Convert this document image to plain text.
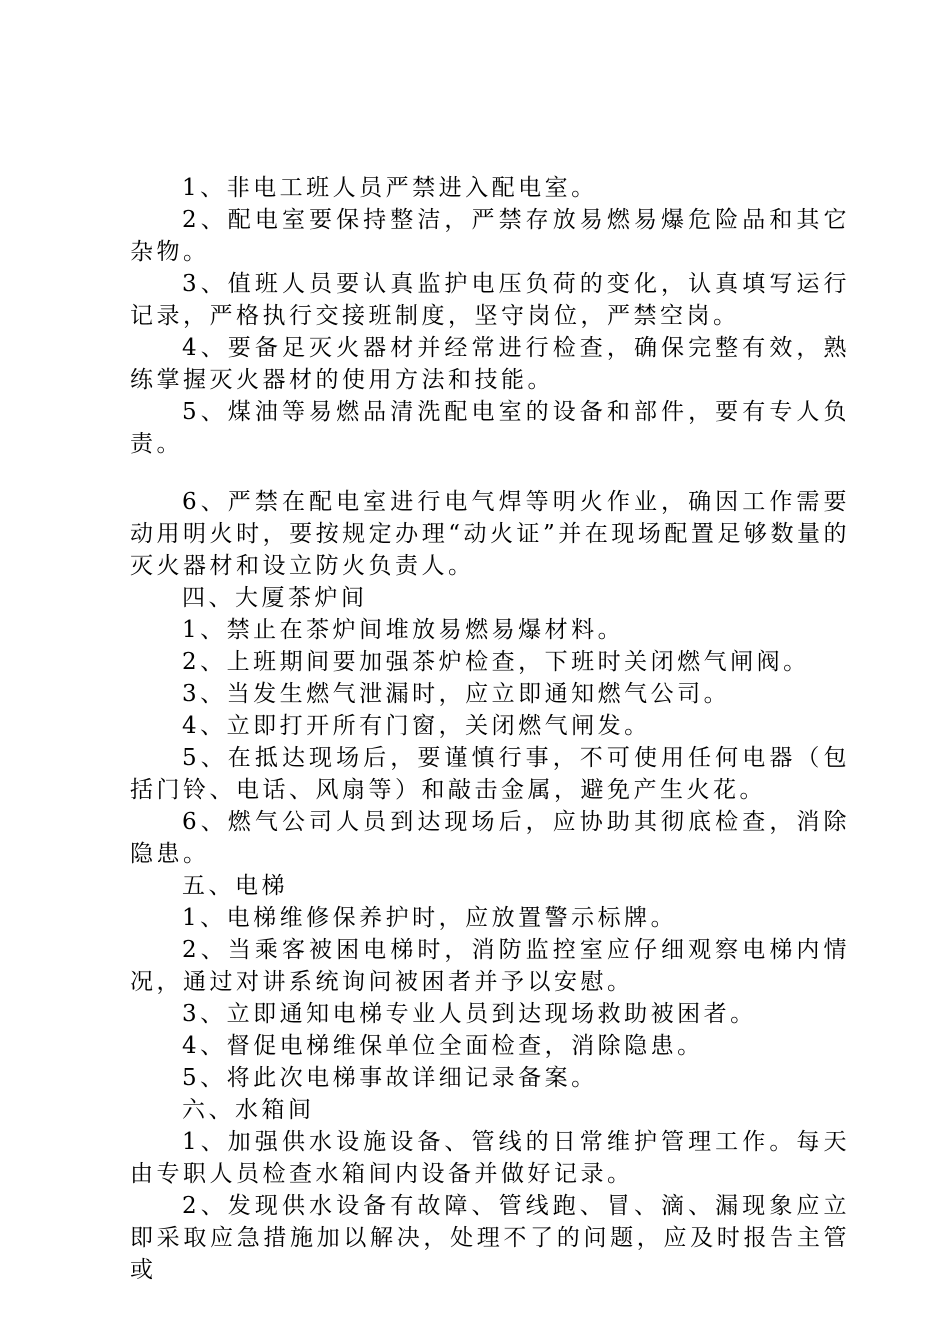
1、非电工班人员严禁进入配电室。

2、配电室要保持整洁，严禁存放易燃易爆危险品和其它杂物。

3、值班人员要认真监护电压负荷的变化，认真填写运行记录，严格执行交接班制度，坚守岗位，严禁空岗。

4、要备足灭火器材并经常进行检查，确保完整有效，熟练掌握灭火器材的使用方法和技能。

5、煤油等易燃品清洗配电室的设备和部件，要有专人负责。

6、严禁在配电室进行电气焊等明火作业，确因工作需要动用明火时，要按规定办理“动火证”并在现场配置足够数量的灭火器材和设立防火负责人。

四、大厦茶炉间

1、禁止在茶炉间堆放易燃易爆材料。

2、上班期间要加强茶炉检查，下班时关闭燃气闸阀。

3、当发生燃气泄漏时，应立即通知燃气公司。

4、立即打开所有门窗，关闭燃气闸发。

5、在抵达现场后，要谨慎行事，不可使用任何电器（包括门铃、电话、风扇等）和敲击金属，避免产生火花。

6、燃气公司人员到达现场后，应协助其彻底检查，消除隐患。

五、电梯

1、电梯维修保养护时，应放置警示标牌。

2、当乘客被困电梯时，消防监控室应仔细观察电梯内情况，通过对讲系统询问被困者并予以安慰。

3、立即通知电梯专业人员到达现场救助被困者。

4、督促电梯维保单位全面检查，消除隐患。

5、将此次电梯事故详细记录备案。

六、水箱间

1、加强供水设施设备、管线的日常维护管理工作。每天由专职人员检查水箱间内设备并做好记录。

2、发现供水设备有故障、管线跑、冒、滴、漏现象应立即采取应急措施加以解决，处理不了的问题，应及时报告主管或
